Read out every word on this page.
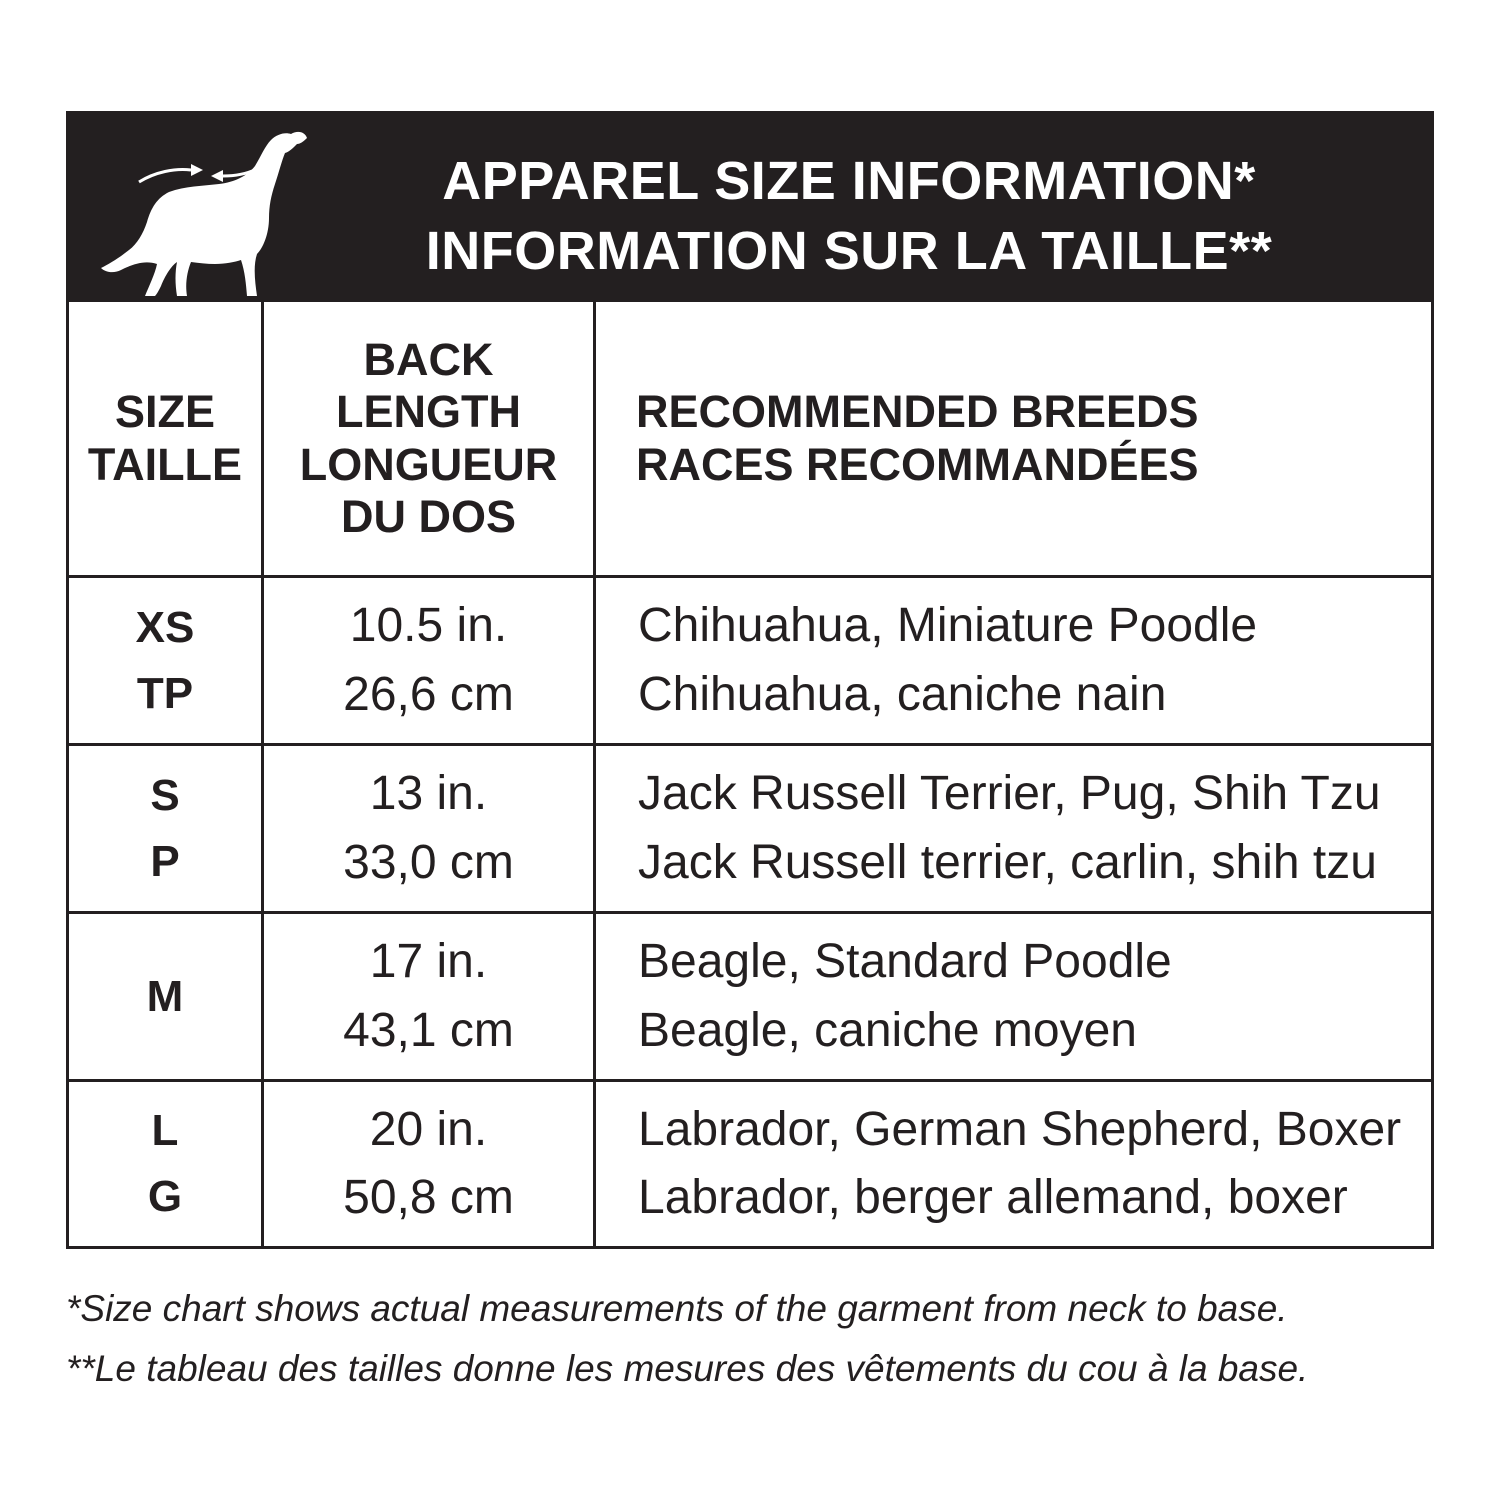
APPAREL SIZE INFORMATION*
INFORMATION SUR LA TAILLE**
SIZE
TAILLE
BACK
LENGTH
LONGUEUR
DU DOS
RECOMMENDED BREEDS
RACES RECOMMANDÉES
XS
TP
10.5 in.
26,6 cm
Chihuahua, Miniature Poodle
Chihuahua, caniche nain
S
P
13 in.
33,0 cm
Jack Russell Terrier, Pug, Shih Tzu
Jack Russell terrier, carlin, shih tzu
M
17 in.
43,1 cm
Beagle, Standard Poodle
Beagle, caniche moyen
L
G
20 in.
50,8 cm
Labrador, German Shepherd, Boxer
Labrador, berger allemand, boxer
*Size chart shows actual measurements of the garment from neck to base.
**Le tableau des tailles donne les mesures des vêtements du cou à la base.
